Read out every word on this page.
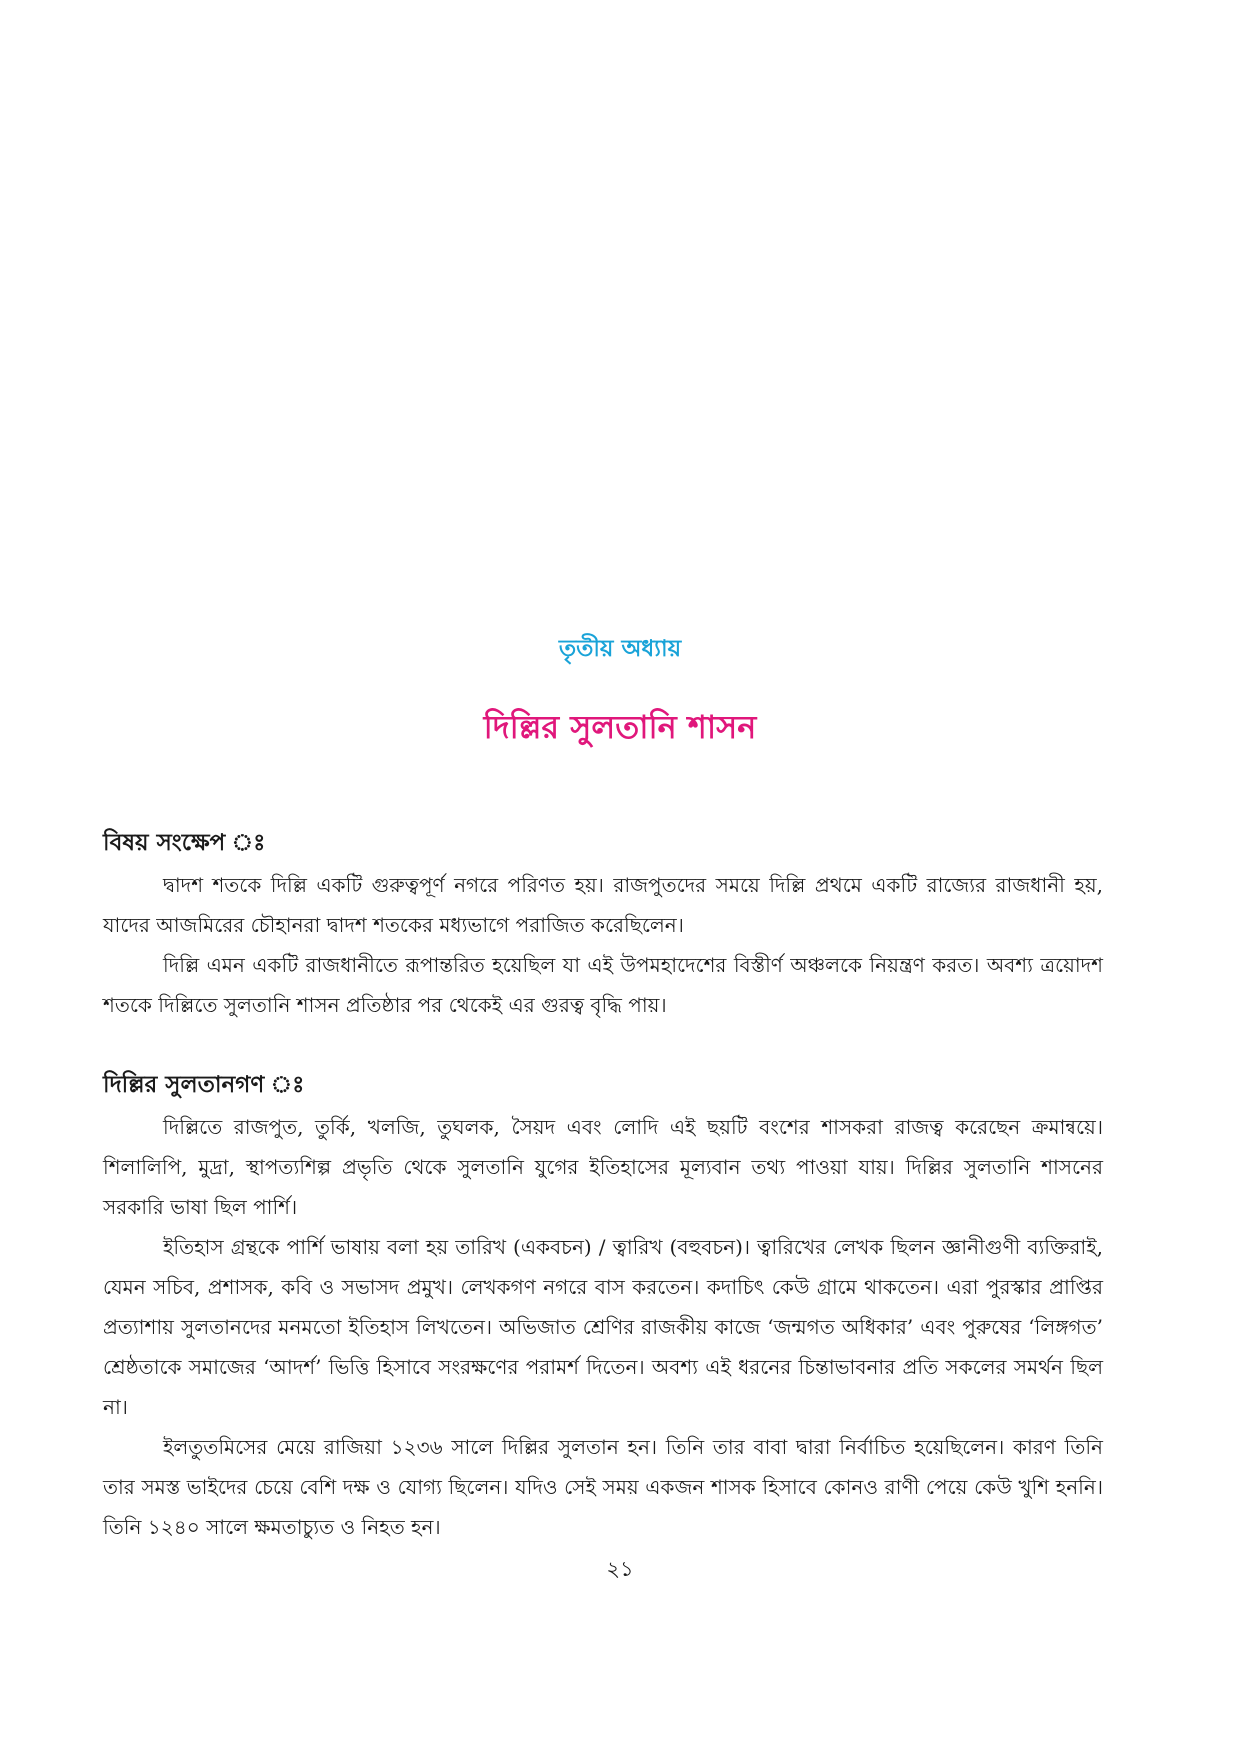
তৃতীয় অধ্যায়
দিল্লির সুলতানি শাসন
বিষয় সংক্ষেপ ঃ

দ্বাদশ শতকে দিল্লি একটি গুরুত্বপূর্ণ নগরে পরিণত হয়। রাজপুতদের সময়ে দিল্লি প্রথমে একটি রাজ্যের রাজধানী হয়, যাদের আজমিরের চৌহানরা দ্বাদশ শতকের মধ্যভাগে পরাজিত করেছিলেন।

দিল্লি এমন একটি রাজধানীতে রূপান্তরিত হয়েছিল যা এই উপমহাদেশের বিস্তীর্ণ অঞ্চলকে নিয়ন্ত্রণ করত। অবশ্য ত্রয়োদশ শতকে দিল্লিতে সুলতানি শাসন প্রতিষ্ঠার পর থেকেই এর গুরত্ব বৃদ্ধি পায়।

দিল্লির সুলতানগণ ঃ

দিল্লিতে রাজপুত, তুর্কি, খলজি, তুঘলক, সৈয়দ এবং লোদি এই ছয়টি বংশের শাসকরা রাজত্ব করেছেন ক্রমান্বয়ে। শিলালিপি, মুদ্রা, স্থাপত্যশিল্প প্রভৃতি থেকে সুলতানি যুগের ইতিহাসের মূল্যবান তথ্য পাওয়া যায়। দিল্লির সুলতানি শাসনের সরকারি ভাষা ছিল পার্শি।

ইতিহাস গ্রন্থকে পার্শি ভাষায় বলা হয় তারিখ (একবচন) / ত্বারিখ (বহুবচন)। ত্বারিখের লেখক ছিলন জ্ঞানীগুণী ব্যক্তিরাই, যেমন সচিব, প্রশাসক, কবি ও সভাসদ প্রমুখ। লেখকগণ নগরে বাস করতেন। কদাচিৎ কেউ গ্রামে থাকতেন। এরা পুরস্কার প্রাপ্তির প্রত্যাশায় সুলতানদের মনমতো ইতিহাস লিখতেন। অভিজাত শ্রেণির রাজকীয় কাজে ‘জন্মগত অধিকার’ এবং পুরুষের ‘লিঙ্গগত’ শ্রেষ্ঠতাকে সমাজের ‘আদর্শ’ ভিত্তি হিসাবে সংরক্ষণের পরামর্শ দিতেন। অবশ্য এই ধরনের চিন্তাভাবনার প্রতি সকলের সমর্থন ছিল না।

ইলতুতমিসের মেয়ে রাজিয়া ১২৩৬ সালে দিল্লির সুলতান হন। তিনি তার বাবা দ্বারা নির্বাচিত হয়েছিলেন। কারণ তিনি তার সমস্ত ভাইদের চেয়ে বেশি দক্ষ ও যোগ্য ছিলেন। যদিও সেই সময় একজন শাসক হিসাবে কোনও রাণী পেয়ে কেউ খুশি হননি। তিনি ১২৪০ সালে ক্ষমতাচ্যুত ও নিহত হন।

২১
